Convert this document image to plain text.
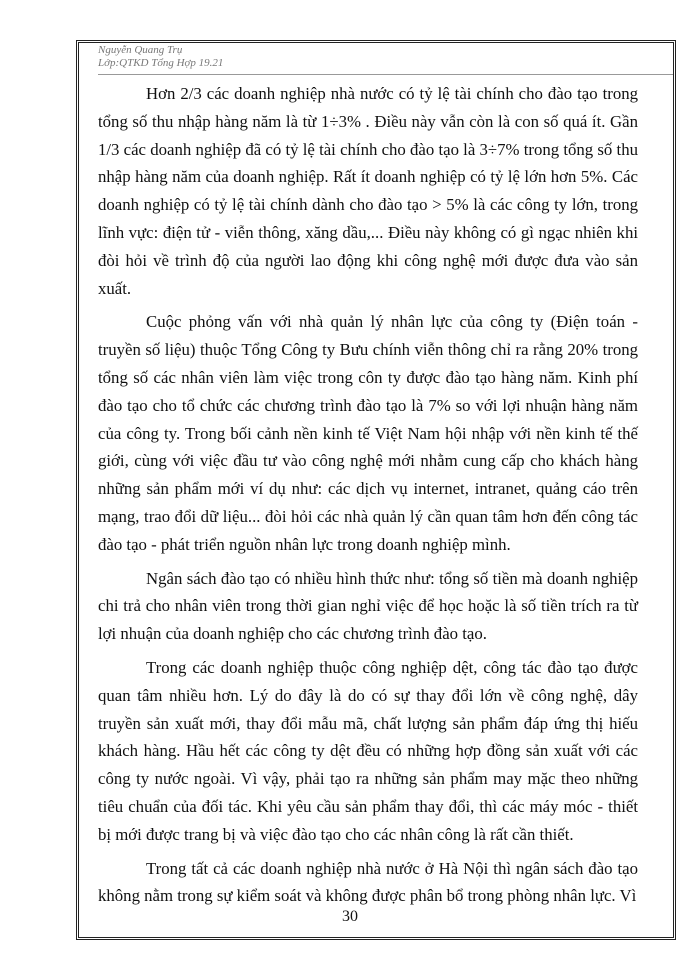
Nguyễn Quang Trụ
Lớp:QTKD Tổng Hợp 19.21

Hơn 2/3 các doanh nghiệp nhà nước có tỷ lệ tài chính cho đào tạo trong tổng số thu nhập hàng năm là từ 1÷3% . Điều này vẫn còn là con số quá ít. Gần 1/3 các doanh nghiệp đã có tỷ lệ tài chính cho đào tạo là 3÷7% trong tổng số thu nhập hàng năm của doanh nghiệp. Rất ít doanh nghiệp có tỷ lệ lớn hơn 5%. Các doanh nghiệp có tỷ lệ tài chính dành cho đào tạo > 5% là các công ty lớn, trong lĩnh vực: điện tử - viễn thông, xăng dầu,... Điều này không có gì ngạc nhiên khi đòi hỏi về trình độ của người lao động khi công nghệ mới được đưa vào sản xuất.

Cuộc phỏng vấn với nhà quản lý nhân lực của công ty (Điện toán - truyền số liệu) thuộc Tổng Công ty Bưu chính viễn thông chỉ ra rằng 20% trong tổng số các nhân viên làm việc trong côn ty được đào tạo hàng năm. Kinh phí đào tạo cho tổ chức các chương trình đào tạo là 7% so với lợi nhuận hàng năm của công ty. Trong bối cảnh nền kinh tế Việt Nam hội nhập với nền kinh tế thế giới, cùng với việc đầu tư vào công nghệ mới nhằm cung cấp cho khách hàng những sản phẩm mới ví dụ như: các dịch vụ internet, intranet, quảng cáo trên mạng, trao đổi dữ liệu... đòi hỏi các nhà quản lý cần quan tâm hơn đến công tác đào tạo - phát triển nguồn nhân lực trong doanh nghiệp mình.

Ngân sách đào tạo có nhiều hình thức như: tổng số tiền mà doanh nghiệp chi trả cho nhân viên trong thời gian nghỉ việc để học hoặc là số tiền trích ra từ lợi nhuận của doanh nghiệp cho các chương trình đào tạo.

Trong các doanh nghiệp thuộc công nghiệp dệt, công tác đào tạo được quan tâm nhiều hơn. Lý do đây là do có sự thay đổi lớn về công nghệ, dây truyền sản xuất mới, thay đổi mẫu mã, chất lượng sản phẩm đáp ứng thị hiếu khách hàng. Hầu hết các công ty dệt đều có những hợp đồng sản xuất với các công ty nước ngoài. Vì vậy, phải tạo ra những sản phẩm may mặc theo những tiêu chuẩn của đối tác. Khi yêu cầu sản phẩm thay đổi, thì các máy móc - thiết bị mới được trang bị và việc đào tạo cho các nhân công là rất cần thiết.

Trong tất cả các doanh nghiệp nhà nước ở Hà Nội thì ngân sách đào tạo không nằm trong sự kiểm soát và không được phân bổ trong phòng nhân lực. Vì

30
